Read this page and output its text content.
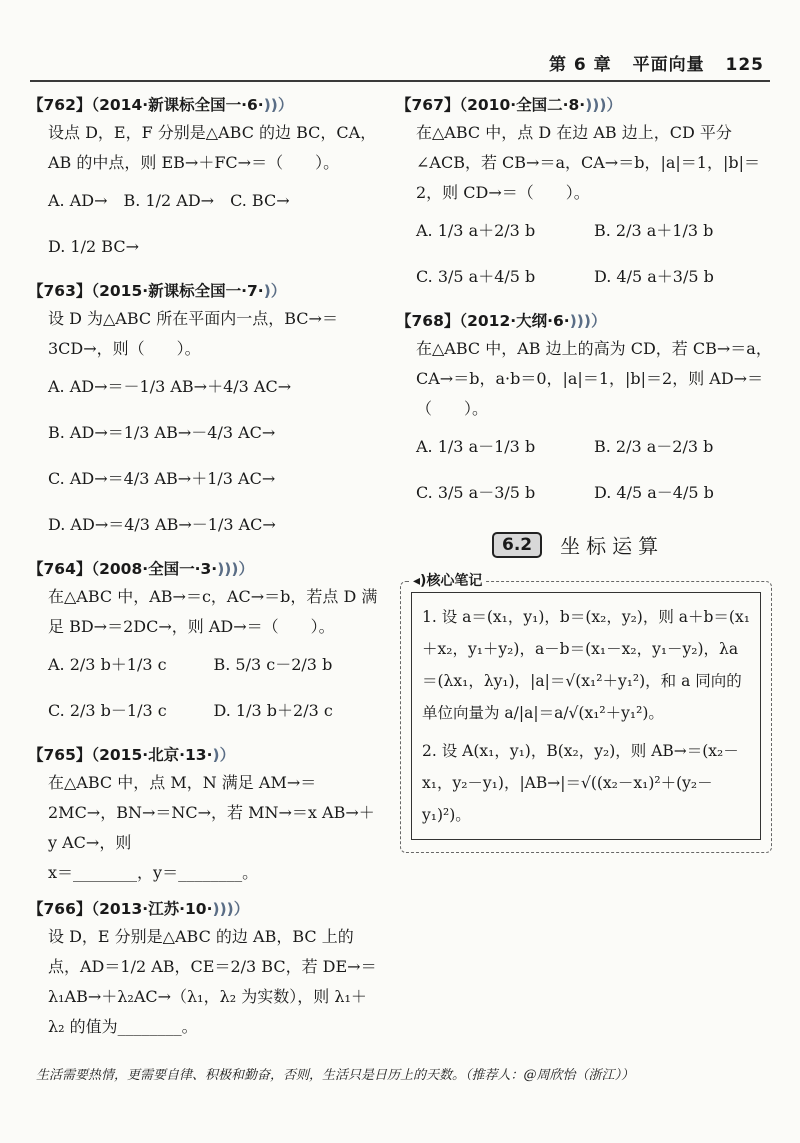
第 6 章 平面向量 125
【762】（2014·新课标全国一·6·))）
设点 D，E，F 分别是△ABC 的边 BC，CA，AB 的中点，则 EB→＋FC→＝（　　）。
A. AD→ B. 1/2 AD→ C. BC→
D. 1/2 BC→
【763】（2015·新课标全国一·7·)）
设 D 为△ABC 所在平面内一点，BC→＝3CD→，则（　　）。
A. AD→＝－1/3 AB→＋4/3 AC→
B. AD→＝1/3 AB→－4/3 AC→
C. AD→＝4/3 AB→＋1/3 AC→
D. AD→＝4/3 AB→－1/3 AC→
【764】（2008·全国一·3·)))）
在△ABC 中，AB→＝c，AC→＝b，若点 D 满足 BD→＝2DC→，则 AD→＝（　　）。
A. 2/3 b＋1/3 c	B. 5/3 c－2/3 b
C. 2/3 b－1/3 c	D. 1/3 b＋2/3 c
【765】（2015·北京·13·)）
在△ABC 中，点 M，N 满足 AM→＝2MC→，BN→＝NC→，若 MN→＝x AB→＋y AC→，则
x＝________，y＝________。
【766】（2013·江苏·10·)))）
设 D，E 分别是△ABC 的边 AB，BC 上的点，AD＝1/2 AB，CE＝2/3 BC，若 DE→＝λ₁AB→＋λ₂AC→（λ₁，λ₂ 为实数），则 λ₁＋λ₂ 的值为________。
【767】（2010·全国二·8·)))）
在△ABC 中，点 D 在边 AB 边上，CD 平分∠ACB，若 CB→＝a，CA→＝b，|a|＝1，|b|＝2，则 CD→＝（　　）。
A. 1/3 a＋2/3 b	B. 2/3 a＋1/3 b
C. 3/5 a＋4/5 b	D. 4/5 a＋3/5 b
【768】（2012·大纲·6·)))）
在△ABC 中，AB 边上的高为 CD，若 CB→＝a，CA→＝b，a·b＝0，|a|＝1，|b|＝2，则 AD→＝（　　）。
A. 1/3 a－1/3 b	B. 2/3 a－2/3 b
C. 3/5 a－3/5 b	D. 4/5 a－4/5 b
6.2	坐标运算
◂)核心笔记
1. 设 a＝(x₁，y₁)，b＝(x₂，y₂)，则 a＋b＝(x₁＋x₂，y₁＋y₂)，a－b＝(x₁－x₂，y₁－y₂)，λa＝(λx₁，λy₁)，|a|＝√(x₁²＋y₁²)，和 a 同向的单位向量为 a/|a|＝a/√(x₁²＋y₁²)。
2. 设 A(x₁，y₁)，B(x₂，y₂)，则 AB→＝(x₂－x₁，y₂－y₁)，|AB→|＝√((x₂－x₁)²＋(y₂－y₁)²)。
生活需要热情，更需要自律、积极和勤奋，否则，生活只是日历上的天数。（推荐人：@周欣怡（浙江））
